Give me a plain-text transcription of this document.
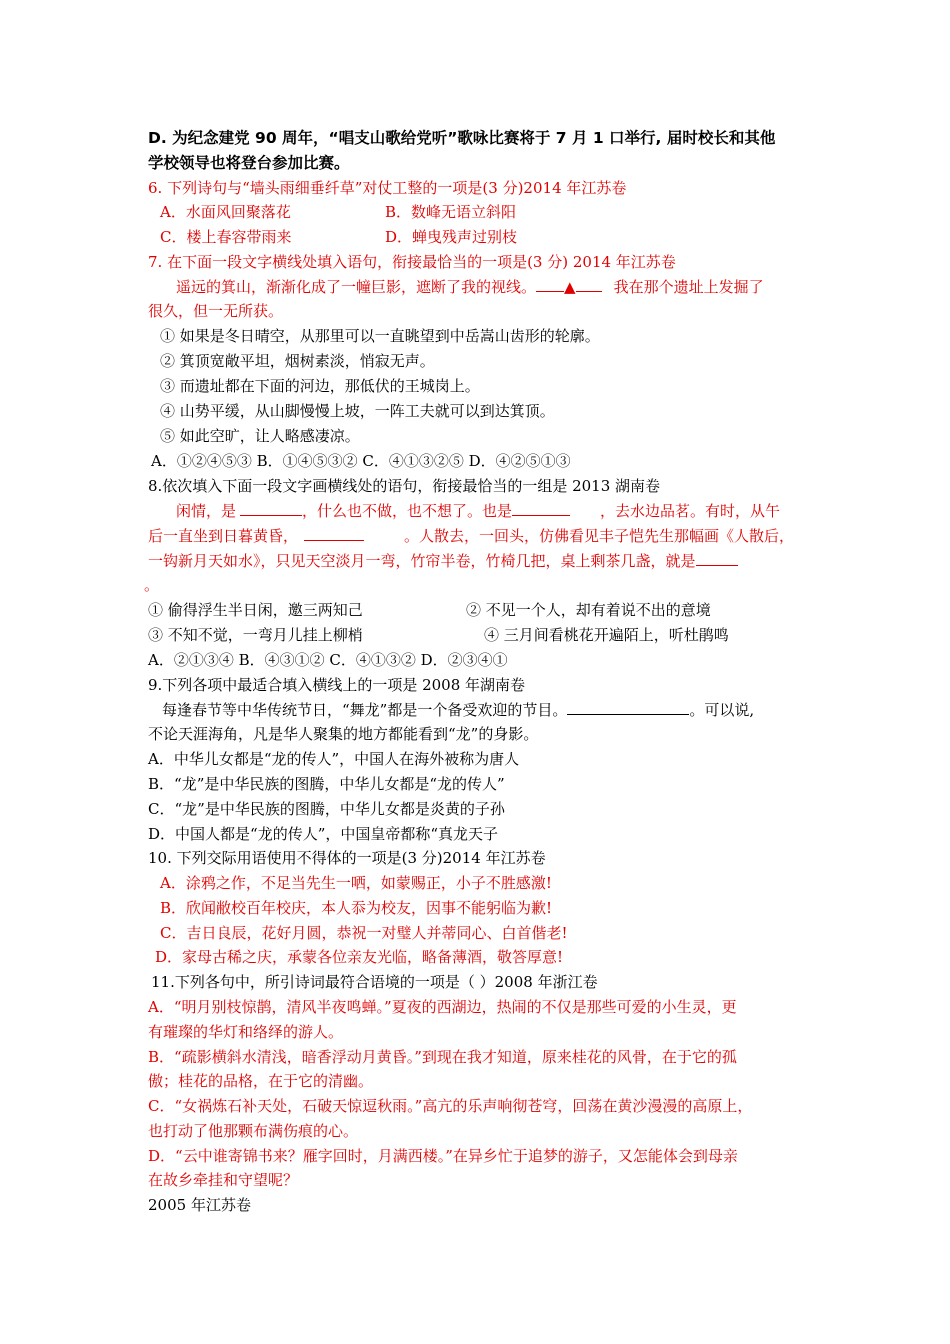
D. 为纪念建党 90 周年，“唱支山歌给党听”歌咏比赛将于 7 月 1 口举行, 届时校长和其他
学校领导也将登台参加比赛。
6. 下列诗句与“墙头雨细垂纤草”对仗工整的一项是(3 分)2014 年江苏卷
A．水面风回聚落花	B．数峰无语立斜阳
C．楼上春容带雨来	D．蝉曳残声过别枝
7. 在下面一段文字横线处填入语句，衔接最恰当的一项是(3 分) 2014 年江苏卷
遥远的箕山，渐渐化成了一幢巨影，遮断了我的视线。 ▲	我在那个遗址上发掘了
很久，但一无所获。
① 如果是冬日晴空，从那里可以一直眺望到中岳嵩山齿形的轮廓。
② 箕顶宽敞平坦，烟树素淡，悄寂无声。
③ 而遗址都在下面的河边，那低伏的王城岗上。
④ 山势平缓，从山脚慢慢上坡，一阵工夫就可以到达箕顶。
⑤ 如此空旷，让人略感凄凉。
A．①②④⑤③ B．①④⑤③② C．④①③②⑤ D．④②⑤①③
8.依次填入下面一段文字画横线处的语句，衔接最恰当的一组是 2013 湖南卷
闲情，是	，什么也不做，也不想了。也是	，去水边品茗。有时，从午
后一直坐到日暮黄昏，	。人散去，一回头，仿佛看见丰子恺先生那幅画《人散后，
一钩新月天如水》，只见天空淡月一弯，竹帘半卷，竹椅几把，桌上剩茶几盏，就是
。
① 偷得浮生半日闲，邀三两知己	② 不见一个人，却有着说不出的意境
③ 不知不觉，一弯月儿挂上柳梢	④ 三月间看桃花开遍陌上，听杜鹃鸣
A．②①③④ B．④③①② C．④①③② D．②③④①
9.下列各项中最适合填入横线上的一项是 2008 年湖南卷
每逢春节等中华传统节日，“舞龙”都是一个备受欢迎的节目。	。可以说,
不论天涯海角，凡是华人聚集的地方都能看到“龙”的身影。
A．中华儿女都是“龙的传人”，中国人在海外被称为唐人
B．“龙”是中华民族的图腾，中华儿女都是“龙的传人”
C．“龙”是中华民族的图腾，中华儿女都是炎黄的子孙
D．中国人都是“龙的传人”，中国皇帝都称“真龙天子
10. 下列交际用语使用不得体的一项是(3 分)2014 年江苏卷
A．涂鸦之作，不足当先生一哂，如蒙赐正，小子不胜感激!
B．欣闻敝校百年校庆，本人忝为校友，因事不能躬临为歉!
C．吉日良辰，花好月圆，恭祝一对璧人并蒂同心、白首偕老!
D．家母古稀之庆，承蒙各位亲友光临，略备薄酒，敬答厚意!
11.下列各句中，所引诗词最符合语境的一项是（ ）2008 年浙江卷
A．“明月别枝惊鹊，清风半夜鸣蝉。”夏夜的西湖边，热闹的不仅是那些可爱的小生灵，更
有璀璨的华灯和络绎的游人。
B．“疏影横斜水清浅，暗香浮动月黄昏。”到现在我才知道，原来桂花的风骨，在于它的孤
傲；桂花的品格，在于它的清幽。
C．“女祸炼石补天处，石破天惊逗秋雨。”高亢的乐声响彻苍穹，回荡在黄沙漫漫的高原上，
也打动了他那颗布满伤痕的心。
D．“云中谁寄锦书来？雁字回时，月满西楼。”在异乡忙于追梦的游子，又怎能体会到母亲
在故乡牵挂和守望呢？
2005 年江苏卷
